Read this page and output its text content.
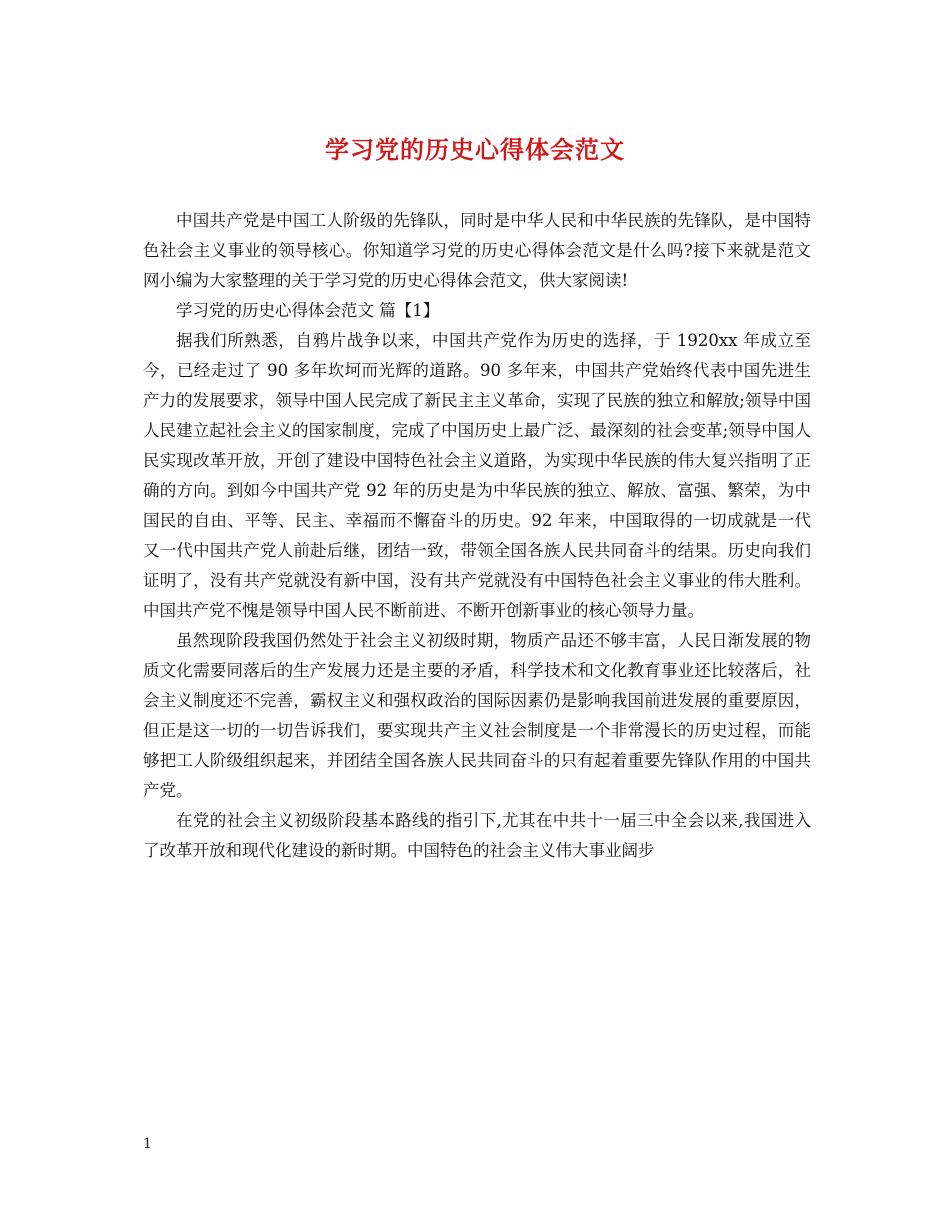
学习党的历史心得体会范文

中国共产党是中国工人阶级的先锋队，同时是中华人民和中华民族的先锋队，是中国特色社会主义事业的领导核心。你知道学习党的历史心得体会范文是什么吗?接下来就是范文网小编为大家整理的关于学习党的历史心得体会范文，供大家阅读!

学习党的历史心得体会范文 篇【1】

据我们所熟悉，自鸦片战争以来，中国共产党作为历史的选择，于 1920xx 年成立至今，已经走过了 90 多年坎坷而光辉的道路。90 多年来，中国共产党始终代表中国先进生产力的发展要求，领导中国人民完成了新民主主义革命，实现了民族的独立和解放;领导中国人民建立起社会主义的国家制度，完成了中国历史上最广泛、最深刻的社会变革;领导中国人民实现改革开放，开创了建设中国特色社会主义道路，为实现中华民族的伟大复兴指明了正确的方向。到如今中国共产党 92 年的历史是为中华民族的独立、解放、富强、繁荣，为中国民的自由、平等、民主、幸福而不懈奋斗的历史。92 年来，中国取得的一切成就是一代又一代中国共产党人前赴后继，团结一致，带领全国各族人民共同奋斗的结果。历史向我们证明了，没有共产党就没有新中国，没有共产党就没有中国特色社会主义事业的伟大胜利。中国共产党不愧是领导中国人民不断前进、不断开创新事业的核心领导力量。

虽然现阶段我国仍然处于社会主义初级时期，物质产品还不够丰富，人民日渐发展的物质文化需要同落后的生产发展力还是主要的矛盾，科学技术和文化教育事业还比较落后，社会主义制度还不完善，霸权主义和强权政治的国际因素仍是影响我国前进发展的重要原因，但正是这一切的一切告诉我们，要实现共产主义社会制度是一个非常漫长的历史过程，而能够把工人阶级组织起来，并团结全国各族人民共同奋斗的只有起着重要先锋队作用的中国共产党。

在党的社会主义初级阶段基本路线的指引下,尤其在中共十一届三中全会以来,我国进入了改革开放和现代化建设的新时期。中国特色的社会主义伟大事业阔步

1
